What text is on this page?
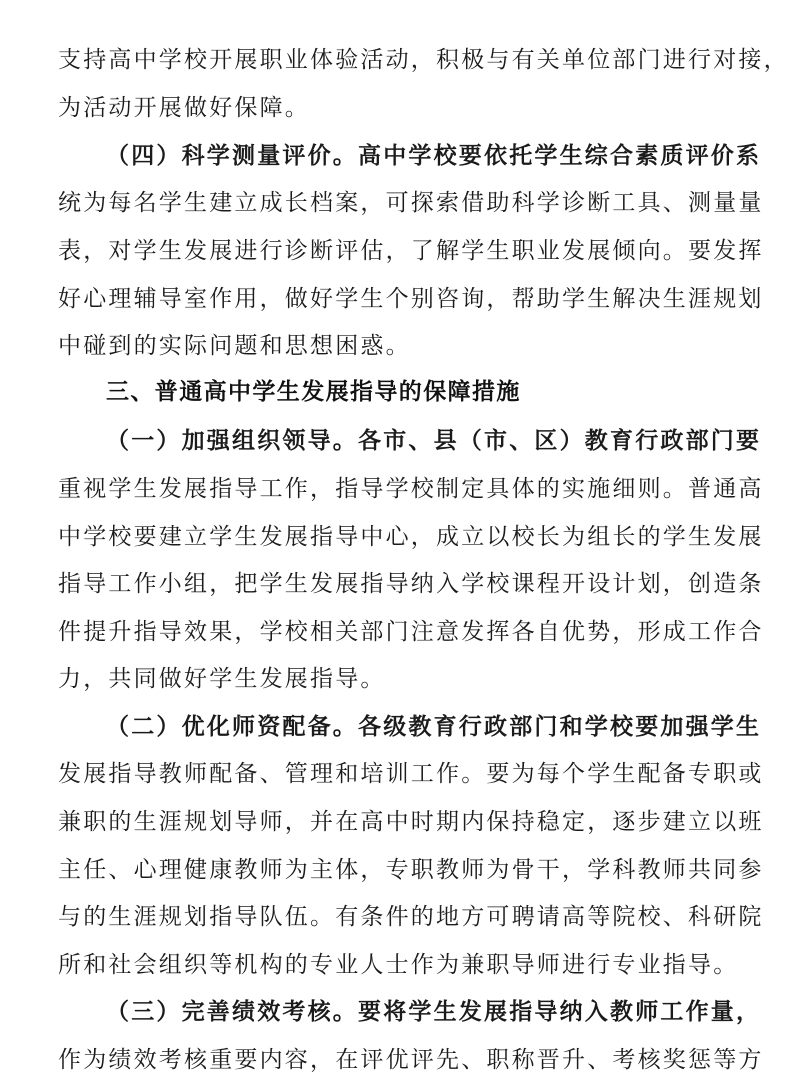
支持高中学校开展职业体验活动，积极与有关单位部门进行对接，
为活动开展做好保障。
（四）科学测量评价。高中学校要依托学生综合素质评价系
统为每名学生建立成长档案，可探索借助科学诊断工具、测量量
表，对学生发展进行诊断评估，了解学生职业发展倾向。要发挥
好心理辅导室作用，做好学生个别咨询，帮助学生解决生涯规划
中碰到的实际问题和思想困惑。
三、普通高中学生发展指导的保障措施
（一）加强组织领导。各市、县（市、区）教育行政部门要
重视学生发展指导工作，指导学校制定具体的实施细则。普通高
中学校要建立学生发展指导中心，成立以校长为组长的学生发展
指导工作小组，把学生发展指导纳入学校课程开设计划，创造条
件提升指导效果，学校相关部门注意发挥各自优势，形成工作合
力，共同做好学生发展指导。
（二）优化师资配备。各级教育行政部门和学校要加强学生
发展指导教师配备、管理和培训工作。要为每个学生配备专职或
兼职的生涯规划导师，并在高中时期内保持稳定，逐步建立以班
主任、心理健康教师为主体，专职教师为骨干，学科教师共同参
与的生涯规划指导队伍。有条件的地方可聘请高等院校、科研院
所和社会组织等机构的专业人士作为兼职导师进行专业指导。
（三）完善绩效考核。要将学生发展指导纳入教师工作量，
作为绩效考核重要内容，在评优评先、职称晋升、考核奖惩等方
